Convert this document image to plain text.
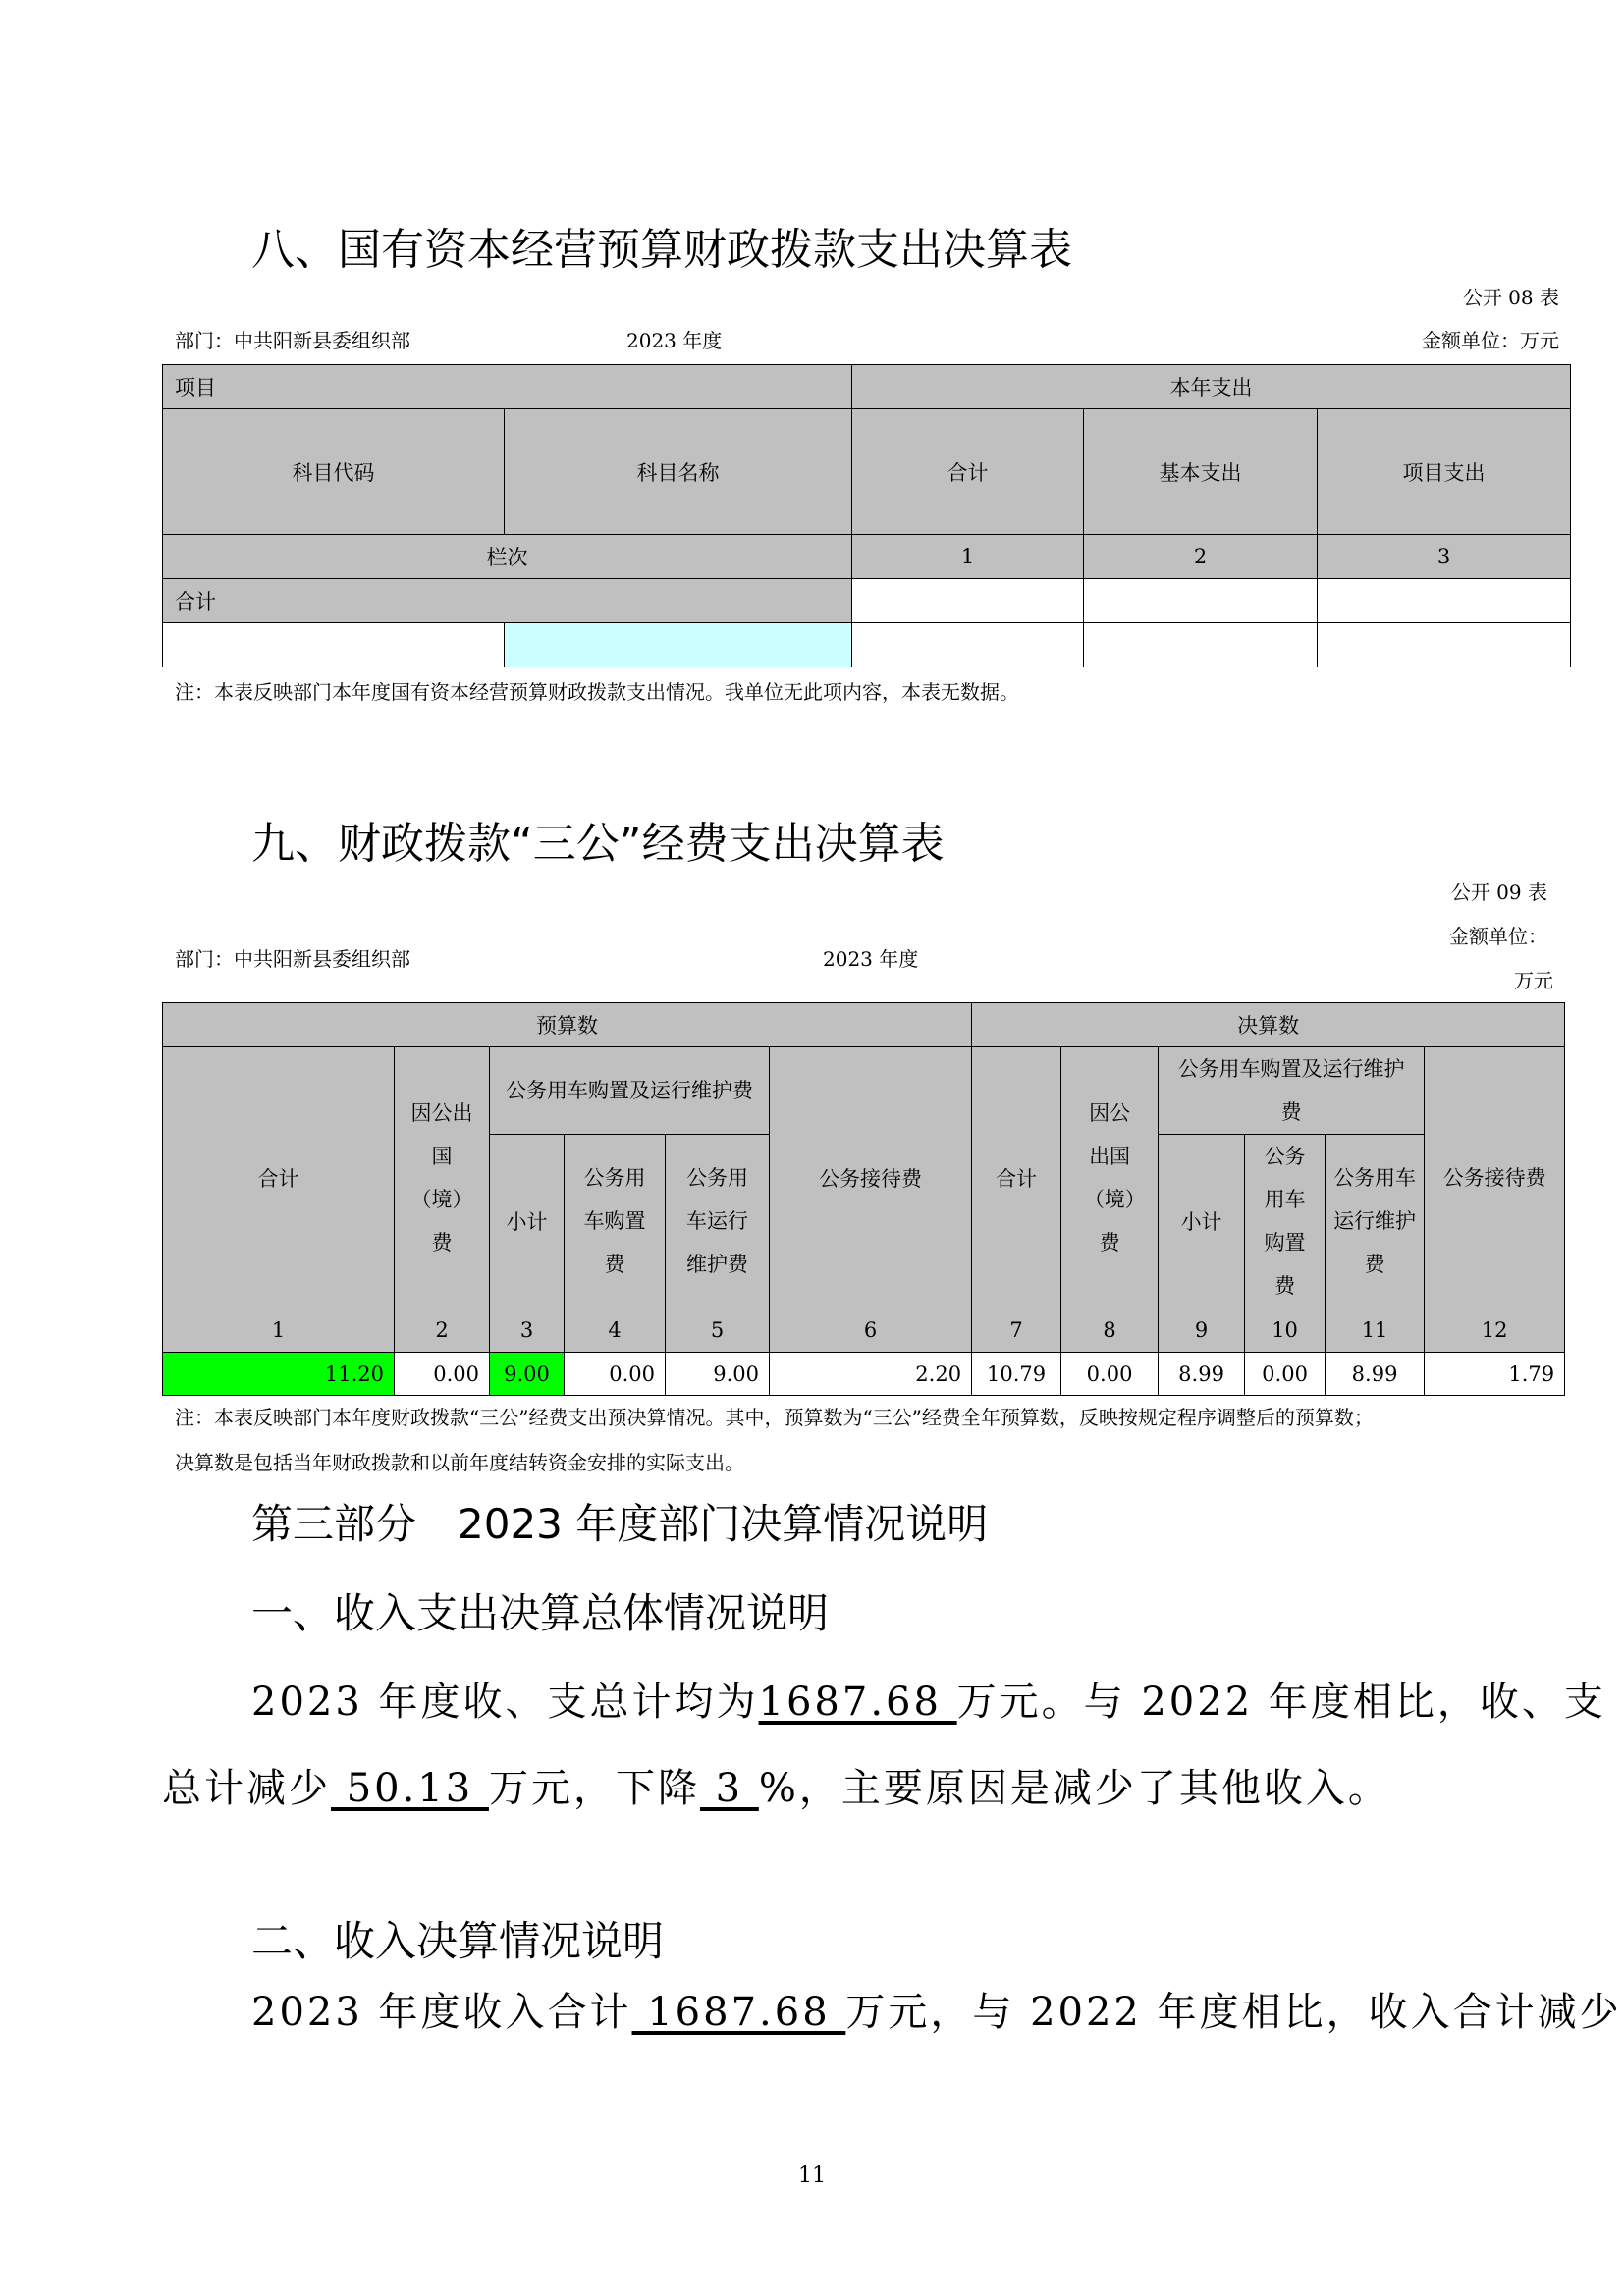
八、国有资本经营预算财政拨款支出决算表
公开 08 表
部门：中共阳新县委组织部	2023 年度	金额单位：万元
项目		本年支出		
科目代码	科目名称	合计	基本支出	项目支出
栏次		1	2	3
合计				

注：本表反映部门本年度国有资本经营预算财政拨款支出情况。我单位无此项内容，本表无数据。
九、财政拨款“三公”经费支出决算表
公开 09 表
金额单位：
部门：中共阳新县委组织部	2023 年度
万元
预算数						决算数					
合计	因公出国（境）费	公务用车购置及运行维护费			公务接待费	合计	因公出国（境）费	公务用车购置及运行维护费			公务接待费
		小计	公务用车购置费	公务用车运行维护费				小计	公务用车购置费	公务用车运行维护费	
1	2	3	4	5	6	7	8	9	10	11	12
11.20	0.00	9.00	0.00	9.00	2.20	10.79	0.00	8.99	0.00	8.99	1.79
注：本表反映部门本年度财政拨款“三公”经费支出预决算情况。其中，预算数为“三公”经费全年预算数，反映按规定程序调整后的预算数；
决算数是包括当年财政拨款和以前年度结转资金安排的实际支出。
第三部分　2023 年度部门决算情况说明
一、收入支出决算总体情况说明
2023 年度收、支总计均为1687.68 万元。与 2022 年度相比，收、支
总计减少 50.13 万元，下降 3 %，主要原因是减少了其他收入。
二、收入决算情况说明
2023 年度收入合计 1687.68 万元，与 2022 年度相比，收入合计减少
11
